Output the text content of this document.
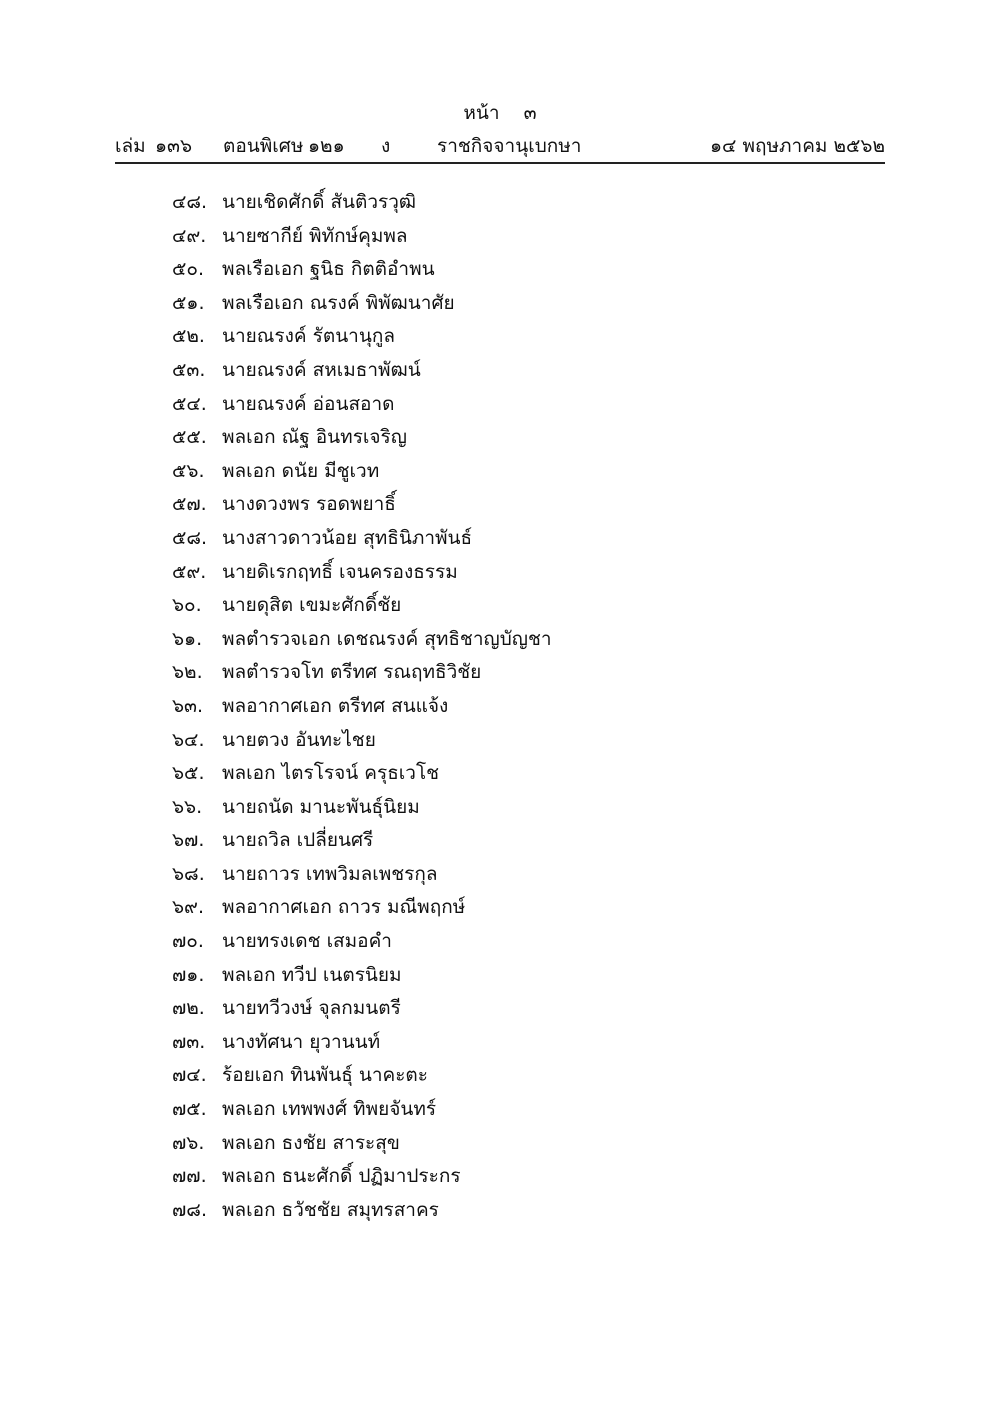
หน้า ๓
เล่ม ๑๓๖ ตอนพิเศษ ๑๒๑ ง ราชกิจจานุเบกษา	๑๔ พฤษภาคม ๒๕๖๒
๔๘. นายเชิดศักดิ์ สันติวรวุฒิ
๔๙. นายซากีย์ พิทักษ์คุมพล
๕๐. พลเรือเอก ฐนิธ กิตติอำพน
๕๑. พลเรือเอก ณรงค์ พิพัฒนาศัย
๕๒. นายณรงค์ รัตนานุกูล
๕๓. นายณรงค์ สหเมธาพัฒน์
๕๔. นายณรงค์ อ่อนสอาด
๕๕. พลเอก ณัฐ อินทรเจริญ
๕๖. พลเอก ดนัย มีชูเวท
๕๗. นางดวงพร รอดพยาธิ์
๕๘. นางสาวดาวน้อย สุทธินิภาพันธ์
๕๙. นายดิเรกฤทธิ์ เจนครองธรรม
๖๐. นายดุสิต เขมะศักดิ์ชัย
๖๑. พลตำรวจเอก เดชณรงค์ สุทธิชาญบัญชา
๖๒. พลตำรวจโท ตรีทศ รณฤทธิวิชัย
๖๓. พลอากาศเอก ตรีทศ สนแจ้ง
๖๔. นายตวง อันทะไชย
๖๕. พลเอก ไตรโรจน์ ครุธเวโช
๖๖. นายถนัด มานะพันธุ์นิยม
๖๗. นายถวิล เปลี่ยนศรี
๖๘. นายถาวร เทพวิมลเพชรกุล
๖๙. พลอากาศเอก ถาวร มณีพฤกษ์
๗๐. นายทรงเดช เสมอคำ
๗๑. พลเอก ทวีป เนตรนิยม
๗๒. นายทวีวงษ์ จุลกมนตรี
๗๓. นางทัศนา ยุวานนท์
๗๔. ร้อยเอก ทินพันธุ์ นาคะตะ
๗๕. พลเอก เทพพงศ์ ทิพยจันทร์
๗๖. พลเอก ธงชัย สาระสุข
๗๗. พลเอก ธนะศักดิ์ ปฏิมาประกร
๗๘. พลเอก ธวัชชัย สมุทรสาคร
